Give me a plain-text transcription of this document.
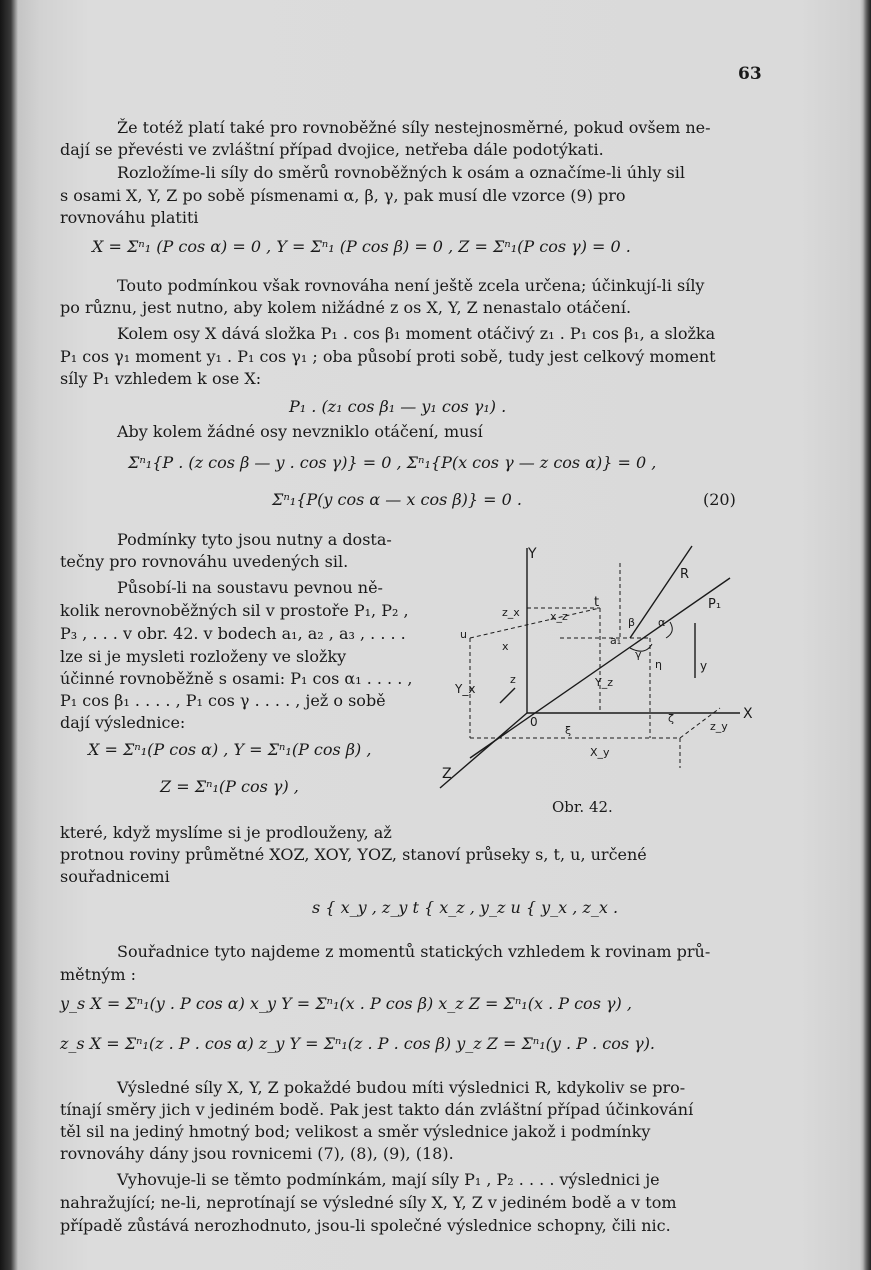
63
Že totéž platí také pro rovnoběžné síly nestejnosměrné, pokud ovšem ne-
dají se převésti ve zvláštní případ dvojice, netřeba dále podotýkati.
Rozložíme-li síly do směrů rovnoběžných k osám a označíme-li úhly sil
s osami X, Y, Z po sobě písmenami α, β, γ, pak musí dle vzorce (9) pro
rovnováhu platiti
X = Σⁿ₁ (P cos α) = 0 , Y = Σⁿ₁ (P cos β) = 0 , Z = Σⁿ₁(P cos γ) = 0 .
Touto podmínkou však rovnováha není ještě zcela určena; účinkují-li síly
po různu, jest nutno, aby kolem nižádné z os X, Y, Z nenastalo otáčení.
Kolem osy X dává složka P₁ . cos β₁ moment otáčivý z₁ . P₁ cos β₁, a složka
P₁ cos γ₁ moment y₁ . P₁ cos γ₁ ; oba působí proti sobě, tudy jest celkový moment
síly P₁ vzhledem k ose X:
P₁ . (z₁ cos β₁ — y₁ cos γ₁) .
Aby kolem žádné osy nevzniklo otáčení, musí
Σⁿ₁{P . (z cos β — y . cos γ)} = 0 , Σⁿ₁{P(x cos γ — z cos α)} = 0 ,
Σⁿ₁{P(y cos α — x cos β)} = 0 .	(20)
Podmínky tyto jsou nutny a dosta-
tečny pro rovnováhu uvedených sil.
Působí-li na soustavu pevnou ně-
kolik nerovnoběžných sil v prostoře P₁, P₂ ,
P₃ , . . . v obr. 42. v bodech a₁, a₂ , a₃ , . . . .
lze si je mysleti rozloženy ve složky
účinné rovnoběžně s osami: P₁ cos α₁ . . . . ,
P₁ cos β₁ . . . . , P₁ cos γ . . . . , jež o sobě
dají výslednice:
X = Σⁿ₁(P cos α) , Y = Σⁿ₁(P cos β) ,
Z = Σⁿ₁(P cos γ) ,
Y
t
R
P₁
z_x	x_z
u
β α
a₁
γ
η
x
y
z	Y_z
Y_x
0	X
ζ
ξ	z_y
X_y
Z
Obr. 42.
které, když myslíme si je prodlouženy, až
protnou roviny průmětné XOZ, XOY, YOZ, stanoví průseky s, t, u, určené
souřadnicemi
s { x_y , z_y t { x_z , y_z u { y_x , z_x .
Souřadnice tyto najdeme z momentů statických vzhledem k rovinam prů-
mětným :
y_s X = Σⁿ₁(y . P cos α) x_y Y = Σⁿ₁(x . P cos β) x_z Z = Σⁿ₁(x . P cos γ) ,
z_s X = Σⁿ₁(z . P . cos α) z_y Y = Σⁿ₁(z . P . cos β) y_z Z = Σⁿ₁(y . P . cos γ).
Výsledné síly X, Y, Z pokaždé budou míti výslednici R, kdykoliv se pro-
tínají směry jich v jediném bodě. Pak jest takto dán zvláštní případ účinkování
těl sil na jediný hmotný bod; velikost a směr výslednice jakož i podmínky
rovnováhy dány jsou rovnicemi (7), (8), (9), (18).
Vyhovuje-li se těmto podmínkám, mají síly P₁ , P₂ . . . . výslednici je
nahražující; ne-li, neprotínají se výsledné síly X, Y, Z v jediném bodě a v tom
případě zůstává nerozhodnuto, jsou-li společné výslednice schopny, čili nic.
